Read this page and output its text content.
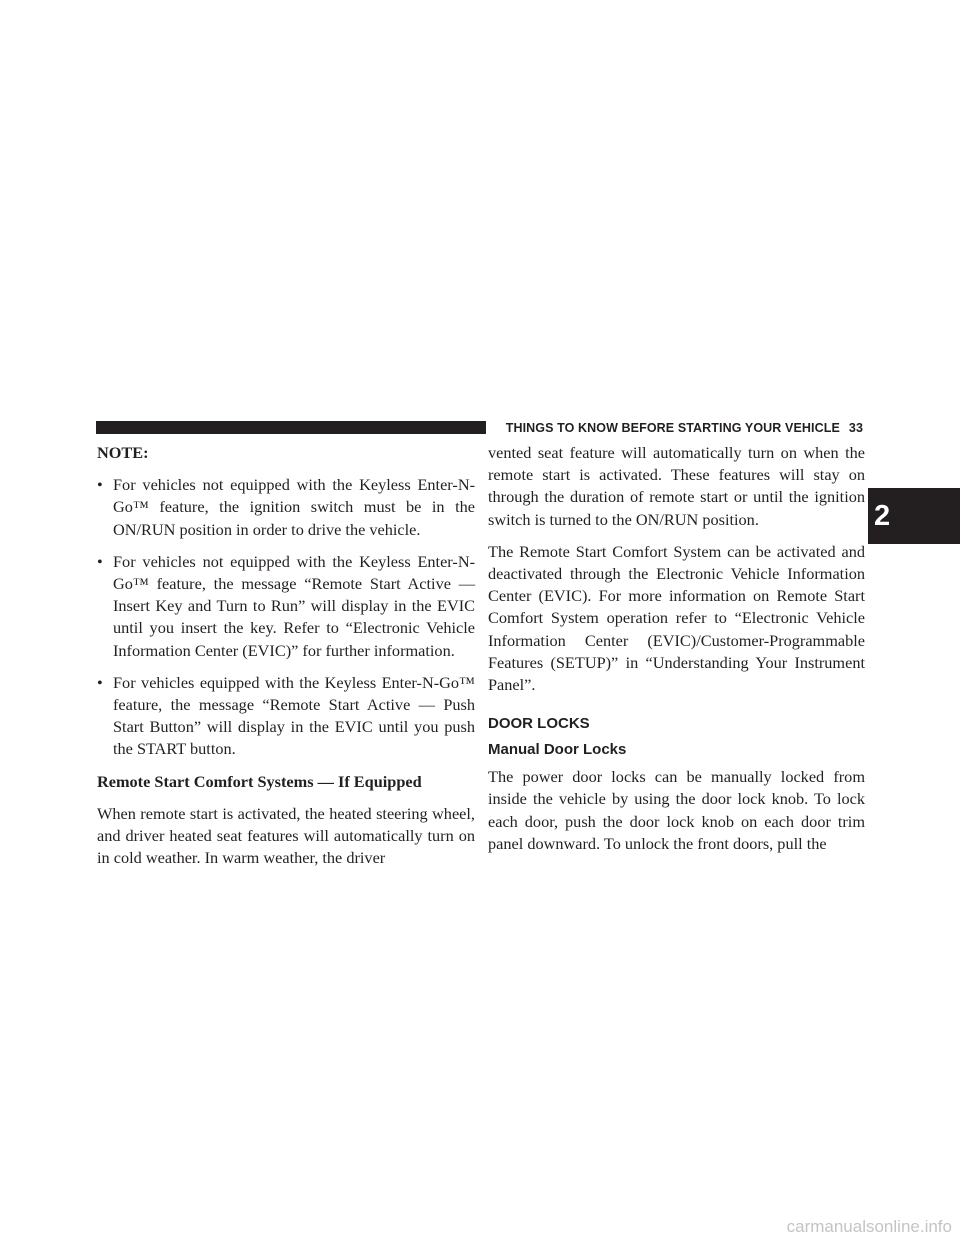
THINGS TO KNOW BEFORE STARTING YOUR VEHICLE 33
2

NOTE:

• For vehicles not equipped with the Keyless Enter-N-Go™ feature, the ignition switch must be in the ON/RUN position in order to drive the vehicle.

• For vehicles not equipped with the Keyless Enter-N-Go™ feature, the message “Remote Start Active — Insert Key and Turn to Run” will display in the EVIC until you insert the key. Refer to “Electronic Vehicle Information Center (EVIC)” for further information.

• For vehicles equipped with the Keyless Enter-N-Go™ feature, the message “Remote Start Active — Push Start Button” will display in the EVIC until you push the START button.

Remote Start Comfort Systems — If Equipped

When remote start is activated, the heated steering wheel, and driver heated seat features will automatically turn on in cold weather. In warm weather, the driver

vented seat feature will automatically turn on when the remote start is activated. These features will stay on through the duration of remote start or until the ignition switch is turned to the ON/RUN position.

The Remote Start Comfort System can be activated and deactivated through the Electronic Vehicle Information Center (EVIC). For more information on Remote Start Comfort System operation refer to “Electronic Vehicle Information Center (EVIC)/Customer-Programmable Features (SETUP)” in “Understanding Your Instrument Panel”.

DOOR LOCKS
Manual Door Locks

The power door locks can be manually locked from inside the vehicle by using the door lock knob. To lock each door, push the door lock knob on each door trim panel downward. To unlock the front doors, pull the

carmanualsonline.info
